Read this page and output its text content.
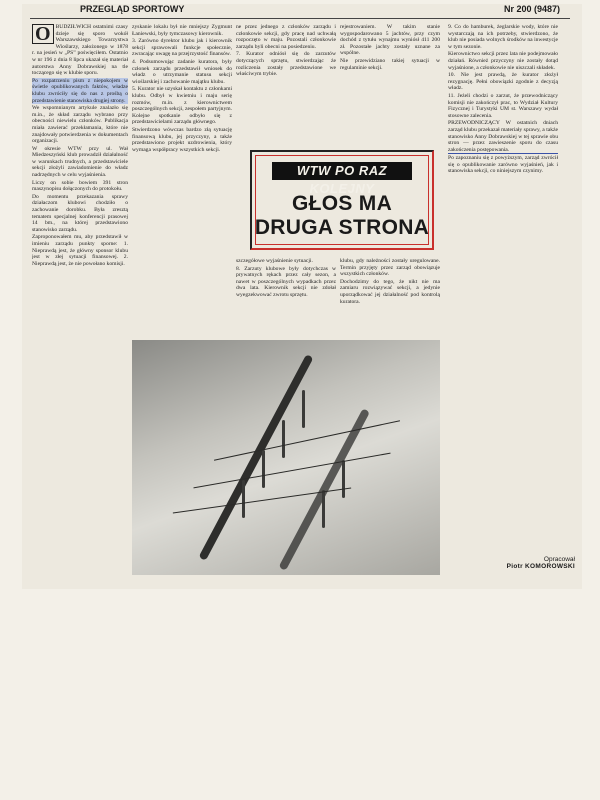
PRZEGLĄD SPORTOWY	Nr 200 (9487)

O BUDZIŁWICH ostatnimi czasy dzieje się sporo wokół Warszawskiego Towarzystwa Wioślarzy, założonego w 1878 r. na jesień w „PS” poświęciłem. Ostatnio w nr 196 z dnia 8 lipca ukazał się materiał autorstwa Anny Dobrawskiej na tle toczącego się w klubie sporu.

Po rozpatrzeniu pism z niepokojem w świetle opublikowanych faktów, władze klubu zwróciły się do nas z prośbą o przedstawienie stanowiska drugiej strony.

We wspomnianym artykule znalazło się m.in., że skład zarządu wybrano przy obecności niewielu członków. Publikacja miała zawierać przekłamania, które nie znajdowały potwierdzenia w dokumentach organizacji.

W okresie WTW przy ul. Wał Miedzeszyński klub prowadził działalność w warunkach trudnych, a przedstawiciele sekcji złożyli zawiadomienie do władz nadrzędnych w celu wyjaśnienia.

Liczy on sobie bowiem 391 stron maszynopisu dołączonych do protokołu.

Do momentu przekazania sprawy działaczom klubowi chodziło o zachowanie dorobku. Była zresztą tematem specjalnej konferencji prasowej 14 bm., na której przedstawiono stanowisko zarządu.

Zaproponowałem mu, aby przedstawił w imieniu zarządu punkty sporne: 1. Nieprawdą jest, że główny sponsor klubu jest w złej sytuacji finansowej. 2. Nieprawdą jest, że nie powołano komisji.

zyskanie lokalu był nie mniejszy Zygmunt Łaniewski, były tymczasowy kierownik.

3. Zarówno dyrektor klubu jak i kierownik sekcji sprawowali funkcje społecznie, zwracając uwagę na przejrzystość finansów.

4. Podsumowując zadanie kuratora, były członek zarządu przedstawił wniosek do władz o utrzymanie statusu sekcji wioślarskiej i zachowanie majątku klubu.

5. Kurator nie uzyskał kontaktu z członkami klubu. Odbył w kwietniu i maju serię rozmów, m.in. z kierownictwem poszczególnych sekcji, zespołem partyjnym. Kolejne spotkanie odbyło się z przedstawicielami zarządu głównego.

Stwierdzono wówczas bardzo złą sytuację finansową klubu, jej przyczyny, a także przedstawiono projekt uzdrowienia, który wymaga współpracy wszystkich sekcji.

ne przez jednego z członków zarządu i członkowie sekcji, gdy pracę nad uchwałą rozpoczęto w maju. Pozostali członkowie zarządu byli obecni na posiedzeniu.

7. Kurator odniósł się do zarzutów dotyczących sprzętu, stwierdzając że rozliczenia zostały przedstawione we właściwym trybie.

rejestrowaniem. W takim stanie wygospodarowano 5 jachtów, przy czym dochód z tytułu wynajmu wyniósł 411 200 zł. Pozostałe jachty zostały uznane za wspólne.

Nie przewidziano takiej sytuacji w regulaminie sekcji.

WTW PO RAZ KOLEJNY
GŁOS MA DRUGA STRONA

szczegółowe wyjaśnienie sytuacji.

8. Zarzuty klubowe były dotychczas w prywatnych rękach przez cały sezon, a nawet w poszczególnych wypadkach przez dwa lata. Kierownik sekcji nie zdołał wyegzekwować zwrotu sprzętu.

klubu, gdy należności zostały uregulowane. Termin przyjęty przez zarząd obowiązuje wszystkich członków.

Dochodzimy do tego, że nikt nie ma zamiaru rozwiązywać sekcji, a jedynie uporządkować jej działalność pod kontrolą kuratora.

9. Co do hamburek, żeglarskie wody, które nie wystarczają na ich potrzeby, stwierdzono, że klub nie posiada wolnych środków na inwestycje w tym sezonie.

Kierownictwo sekcji przez lata nie podejmowało działań. Również przyczyny nie zostały dotąd wyjaśnione, a członkowie nie uiszczali składek.

10. Nie jest prawdą, że kurator złożył rezygnację. Pełni obowiązki zgodnie z decyzją władz.

11. Jeżeli chodzi o zarzut, że przewodniczący komisji nie zakończył prac, to Wydział Kultury Fizycznej i Turystyki UM st. Warszawy wydał stosowne zalecenia.

PRZEWODNICZĄCY W ostatnich dniach zarząd klubu przekazał materiały sprawy, a także stanowisko Anny Dobrawskiej w tej sprawie obu stron — przez zawieszenie sporu do czasu zakończenia postępowania.

Po zapoznaniu się z powyższym, zarząd zwrócił się o opublikowanie zarówno wyjaśnień, jak i stanowiska sekcji, co niniejszym czynimy.

Opracował
Piotr KOMOROWSKI
